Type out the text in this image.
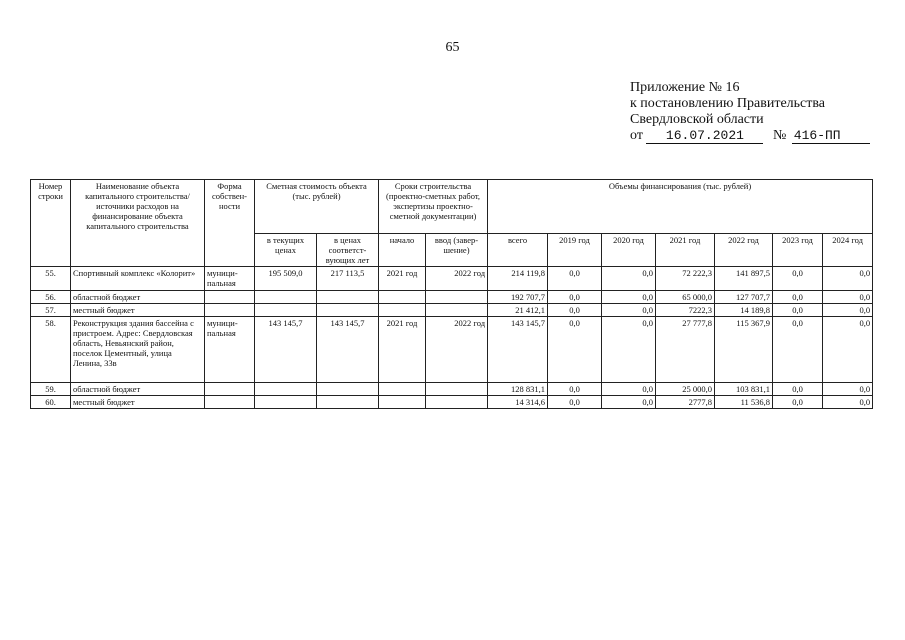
65
Приложение № 16
к постановлению Правительства
Свердловской области
от 16.07.2021 № 416-ПП
Номер строки	Наименование объекта капитального строительства/ источники расходов на финансирование объекта капитального строительства	Форма собствен- ности	Сметная стоимость объекта (тыс. рублей)		Сроки строительства (проектно-сметных работ, экспертизы проектно-сметной документации)		Объемы финансирования (тыс. рублей)						
			в текущих ценах	в ценах соответст- вующих лет	начало	ввод (завер- шение)	всего	2019 год	2020 год	2021 год	2022 год	2023 год	2024 год
55.	Спортивный комплекс «Колорит»	муници- пальная	195 509,0	217 113,5	2021 год	2022 год	214 119,8	0,0	0,0	72 222,3	141 897,5	0,0	0,0
56.	областной бюджет						192 707,7	0,0	0,0	65 000,0	127 707,7	0,0	0,0
57.	местный бюджет						21 412,1	0,0	0,0	7222,3	14 189,8	0,0	0,0
58.	Реконструкция здания бассейна с пристроем. Адрес: Свердловская область, Невьянский район, поселок Цементный, улица Ленина, 33в	муници- пальная	143 145,7	143 145,7	2021 год	2022 год	143 145,7	0,0	0,0	27 777,8	115 367,9	0,0	0,0
59.	областной бюджет						128 831,1	0,0	0,0	25 000,0	103 831,1	0,0	0,0
60.	местный бюджет						14 314,6	0,0	0,0	2777,8	11 536,8	0,0	0,0
